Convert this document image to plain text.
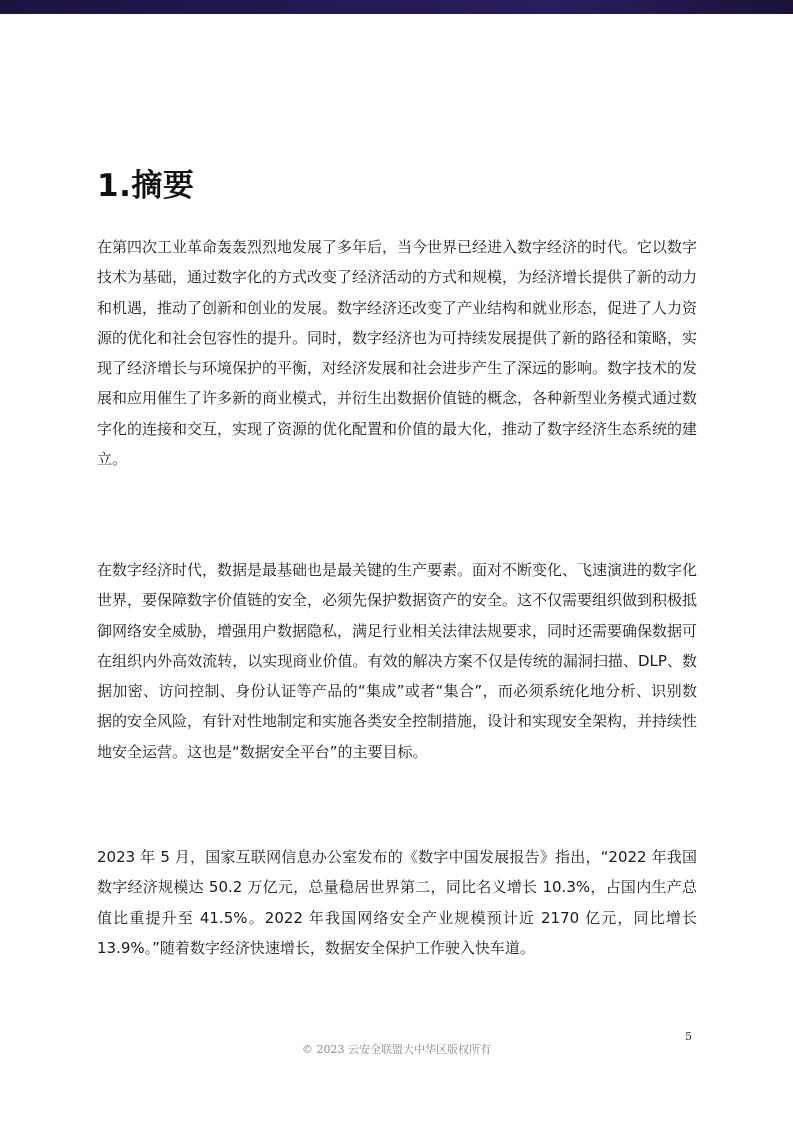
1.摘要

在第四次工业革命轰轰烈烈地发展了多年后，当今世界已经进入数字经济的时代。它以数字技术为基础，通过数字化的方式改变了经济活动的方式和规模，为经济增长提供了新的动力和机遇，推动了创新和创业的发展。数字经济还改变了产业结构和就业形态，促进了人力资源的优化和社会包容性的提升。同时，数字经济也为可持续发展提供了新的路径和策略，实现了经济增长与环境保护的平衡，对经济发展和社会进步产生了深远的影响。数字技术的发展和应用催生了许多新的商业模式，并衍生出数据价值链的概念，各种新型业务模式通过数字化的连接和交互，实现了资源的优化配置和价值的最大化，推动了数字经济生态系统的建立。

在数字经济时代，数据是最基础也是最关键的生产要素。面对不断变化、飞速演进的数字化世界，要保障数字价值链的安全，必须先保护数据资产的安全。这不仅需要组织做到积极抵御网络安全威胁，增强用户数据隐私，满足行业相关法律法规要求，同时还需要确保数据可在组织内外高效流转，以实现商业价值。有效的解决方案不仅是传统的漏洞扫描、DLP、数据加密、访问控制、身份认证等产品的“集成”或者“集合”，而必须系统化地分析、识别数据的安全风险，有针对性地制定和实施各类安全控制措施，设计和实现安全架构，并持续性地安全运营。这也是“数据安全平台”的主要目标。

2023 年 5 月，国家互联网信息办公室发布的《数字中国发展报告》指出，“2022 年我国数字经济规模达 50.2 万亿元，总量稳居世界第二，同比名义增长 10.3%，占国内生产总值比重提升至 41.5%。2022 年我国网络安全产业规模预计近 2170 亿元，同比增长 13.9%。”随着数字经济快速增长，数据安全保护工作驶入快车道。

5
© 2023 云安全联盟大中华区版权所有
